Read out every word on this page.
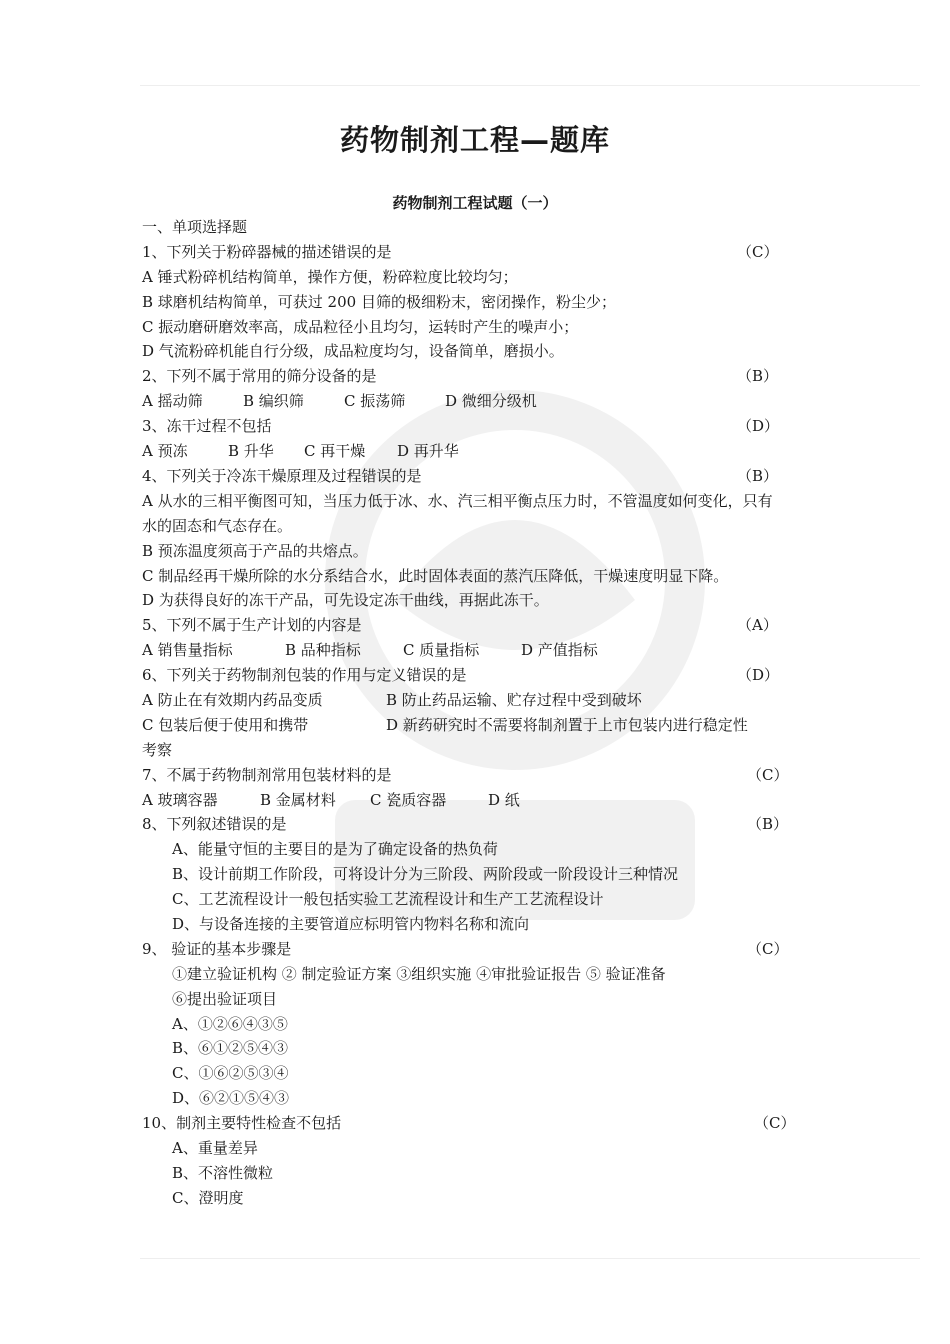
药物制剂工程—题库
药物制剂工程试题（一）
一、单项选择题
1、下列关于粉碎器械的描述错误的是	（C）
A 锤式粉碎机结构简单，操作方便，粉碎粒度比较均匀；
B 球磨机结构简单，可获过 200 目筛的极细粉末，密闭操作，粉尘少；
C 振动磨研磨效率高，成品粒径小且均匀，运转时产生的噪声小；
D 气流粉碎机能自行分级，成品粒度均匀，设备简单，磨损小。
2、下列不属于常用的筛分设备的是	（B）
A 摇动筛	B 编织筛	C 振荡筛	D 微细分级机
3、冻干过程不包括	（D）
A 预冻	B 升华 C 再干燥 D 再升华
4、下列关于冷冻干燥原理及过程错误的是	（B）
A 从水的三相平衡图可知，当压力低于冰、水、汽三相平衡点压力时，不管温度如何变化，只有水的固态和气态存在。
B 预冻温度须高于产品的共熔点。
C 制品经再干燥所除的水分系结合水，此时固体表面的蒸汽压降低，干燥速度明显下降。
D 为获得良好的冻干产品，可先设定冻干曲线，再据此冻干。
5、下列不属于生产计划的内容是	（A）
A 销售量指标	B 品种指标	C 质量指标	D 产值指标
6、下列关于药物制剂包装的作用与定义错误的是	（D）
A 防止在有效期内药品变质	B 防止药品运输、贮存过程中受到破坏
C 包装后便于使用和携带	D 新药研究时不需要将制剂置于上市包装内进行稳定性
考察
7、不属于药物制剂常用包装材料的是	（C）
A 玻璃容器	B 金属材料 C 瓷质容器	D 纸
8、下列叙述错误的是	（B）
A、能量守恒的主要目的是为了确定设备的热负荷
B、设计前期工作阶段，可将设计分为三阶段、两阶段或一阶段设计三种情况
C、工艺流程设计一般包括实验工艺流程设计和生产工艺流程设计
D、与设备连接的主要管道应标明管内物料名称和流向
9、 验证的基本步骤是	（C）
①建立验证机构 ② 制定验证方案 ③组织实施 ④审批验证报告 ⑤ 验证准备
⑥提出验证项目
A、①②⑥④③⑤
B、⑥①②⑤④③
C、①⑥②⑤③④
D、⑥②①⑤④③
10、制剂主要特性检查不包括	（C）
A、重量差异
B、不溶性微粒
C、澄明度
